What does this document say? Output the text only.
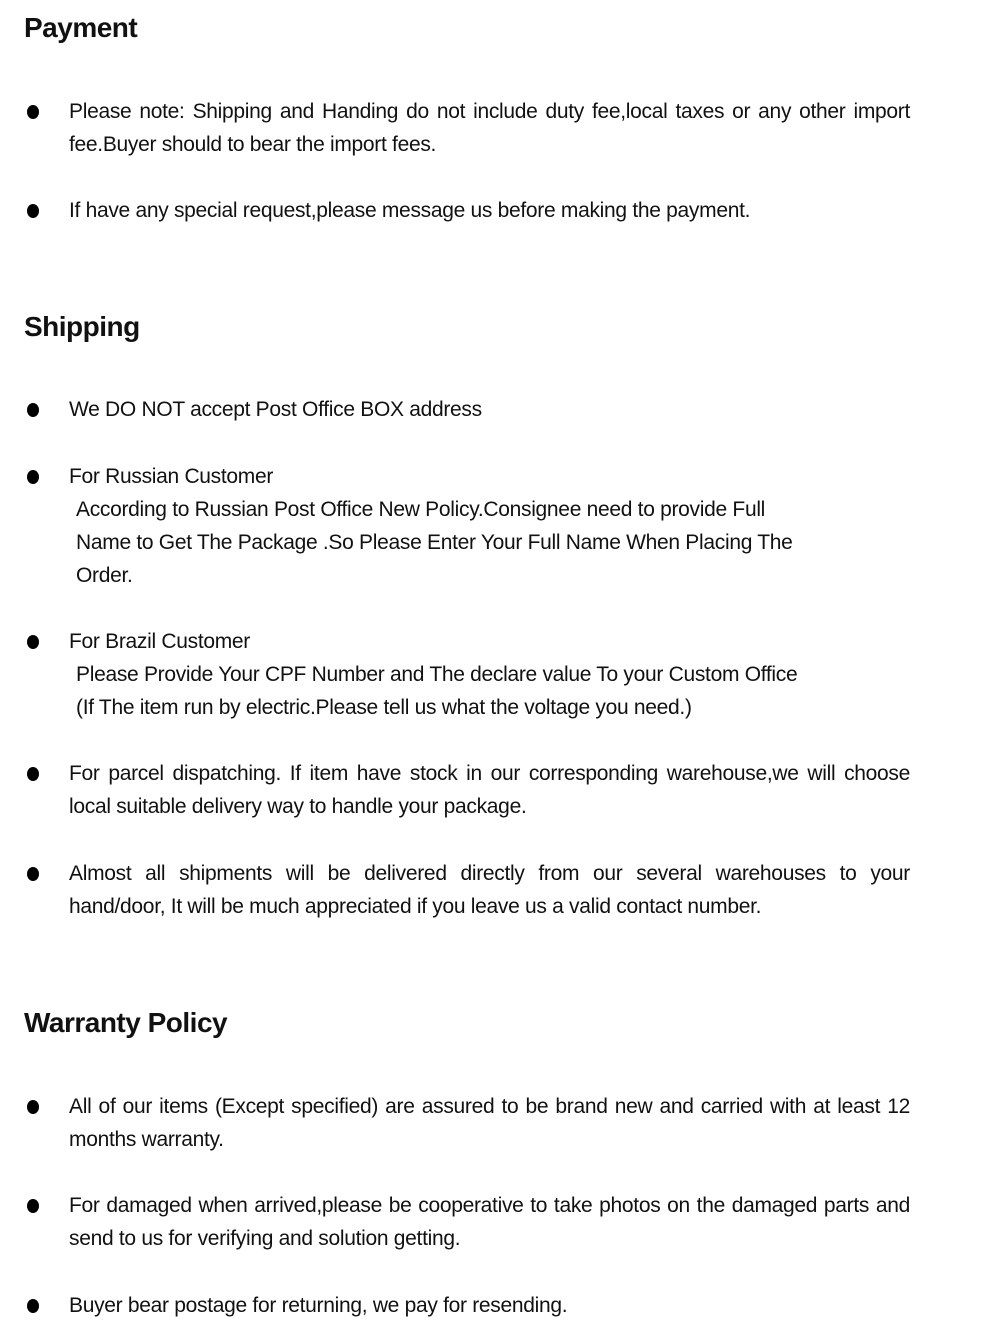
Payment
Please note: Shipping and Handing do not include duty fee,local taxes or any other import fee.Buyer should to bear the import fees.
If have any special request,please message us before making the payment.
Shipping
We DO NOT accept Post Office BOX address
For Russian Customer
According to Russian Post Office New Policy.Consignee need to provide Full
Name to Get The Package .So Please Enter Your Full Name When Placing The
Order.
For Brazil Customer
Please Provide Your CPF Number and The declare value To your Custom Office
(If The item run by electric.Please tell us what the voltage you need.)
For parcel dispatching. If item have stock in our corresponding warehouse,we will choose local suitable delivery way to handle your package.
Almost all shipments will be delivered directly from our several warehouses to your hand/door, It will be much appreciated if you leave us a valid contact number.
Warranty Policy
All of our items (Except specified) are assured to be brand new and carried with at least 12 months warranty.
For damaged when arrived,please be cooperative to take photos on the damaged parts and send to us for verifying and solution getting.
Buyer bear postage for returning, we pay for resending.
